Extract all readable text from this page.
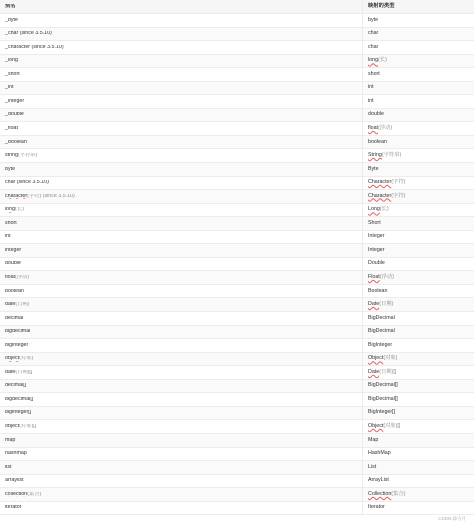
别名	映射的类型
_byte	byte
_char (since 3.5.10)	char
_character (since 3.5.10)	char
_long	long (长)
_short	short
_int	int
_integer	int
_double	double
_float	float (浮动)
_boolean	boolean
string(字符串)	String (字符串)
byte	Byte
char (since 3.5.10)	Character (字符)
character(字符) (since 3.5.10)	Character (字符)
long(长)	Long (长)
short	Short
int	Integer
integer	Integer
double	Double
float(浮动)	Float (浮动)
boolean	Boolean
date(日期)	Date (日期)
decimal	BigDecimal
bigdecimal	BigDecimal
biginteger	BigInteger
object(对象)	Object (对象)
date(日期)[]	Date (日期)[]
decimal[]	BigDecimal[]
bigdecimal[]	BigDecimal[]
biginteger[]	BigInteger[]
object(对象)[]	Object (对象)[]
map	Map
hashmap	HashMap
list	List
arraylist	ArrayList
collection(集合)	Collection (集合)
iterator	Iterator
CSDN @古月
